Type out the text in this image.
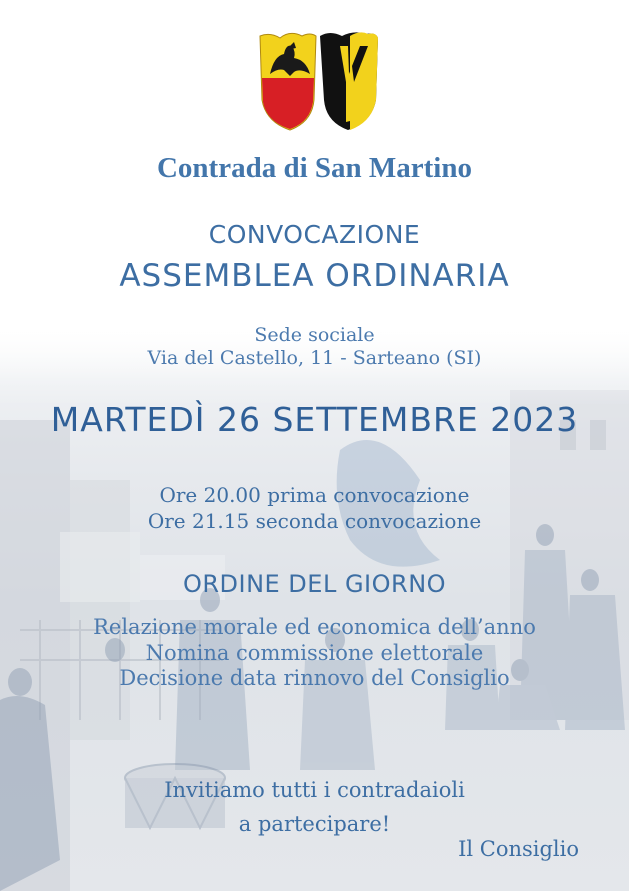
Contrada di San Martino
CONVOCAZIONE
ASSEMBLEA ORDINARIA
Sede sociale
Via del Castello, 11 - Sarteano (SI)
MARTEDÌ 26 SETTEMBRE 2023
Ore 20.00 prima convocazione
Ore 21.15 seconda convocazione
ORDINE DEL GIORNO
Relazione morale ed economica dell’anno
Nomina commissione elettorale
Decisione data rinnovo del Consiglio
Invitiamo tutti i contradaioli
a partecipare!
Il Consiglio
